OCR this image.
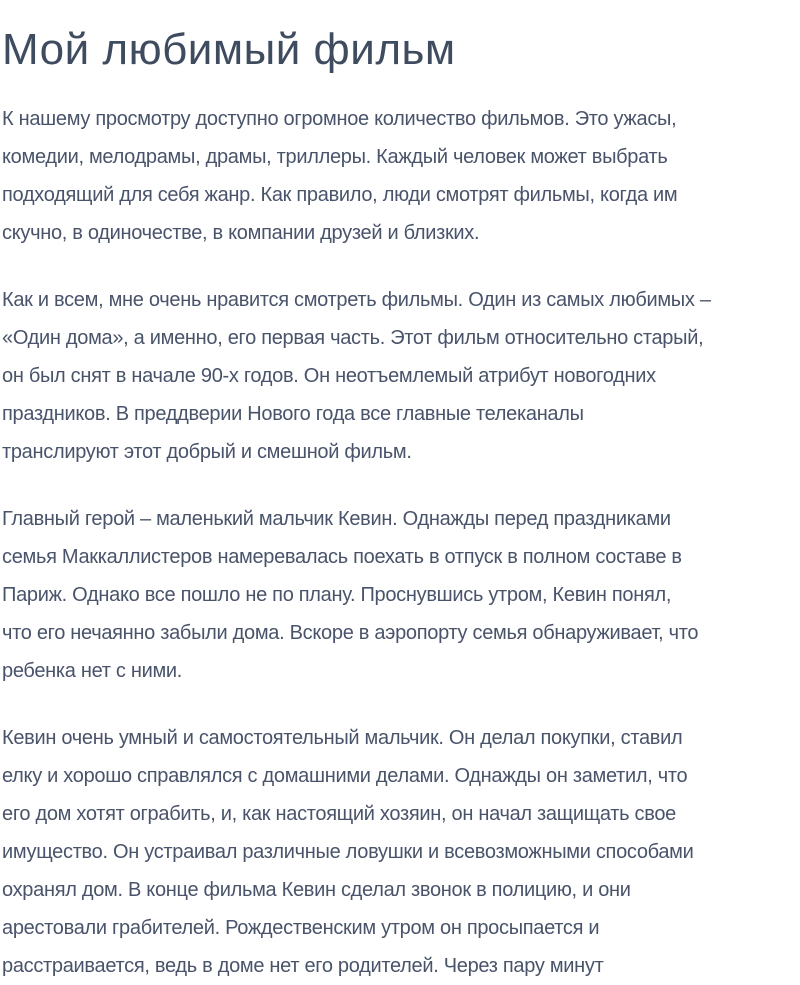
Мой любимый фильм

К нашему просмотру доступно огромное количество фильмов. Это ужасы,
комедии, мелодрамы, драмы, триллеры. Каждый человек может выбрать
подходящий для себя жанр. Как правило, люди смотрят фильмы, когда им
скучно, в одиночестве, в компании друзей и близких.

Как и всем, мне очень нравится смотреть фильмы. Один из самых любимых –
«Один дома», а именно, его первая часть. Этот фильм относительно старый,
он был снят в начале 90-х годов. Он неотъемлемый атрибут новогодних
праздников. В преддверии Нового года все главные телеканалы
транслируют этот добрый и смешной фильм.

Главный герой – маленький мальчик Кевин. Однажды перед праздниками
семья Маккаллистеров намеревалась поехать в отпуск в полном составе в
Париж. Однако все пошло не по плану. Проснувшись утром, Кевин понял,
что его нечаянно забыли дома. Вскоре в аэропорту семья обнаруживает, что
ребенка нет с ними.

Кевин очень умный и самостоятельный мальчик. Он делал покупки, ставил
елку и хорошо справлялся с домашними делами. Однажды он заметил, что
его дом хотят ограбить, и, как настоящий хозяин, он начал защищать свое
имущество. Он устраивал различные ловушки и всевозможными способами
охранял дом. В конце фильма Кевин сделал звонок в полицию, и они
арестовали грабителей. Рождественским утром он просыпается и
расстраивается, ведь в доме нет его родителей. Через пару минут
